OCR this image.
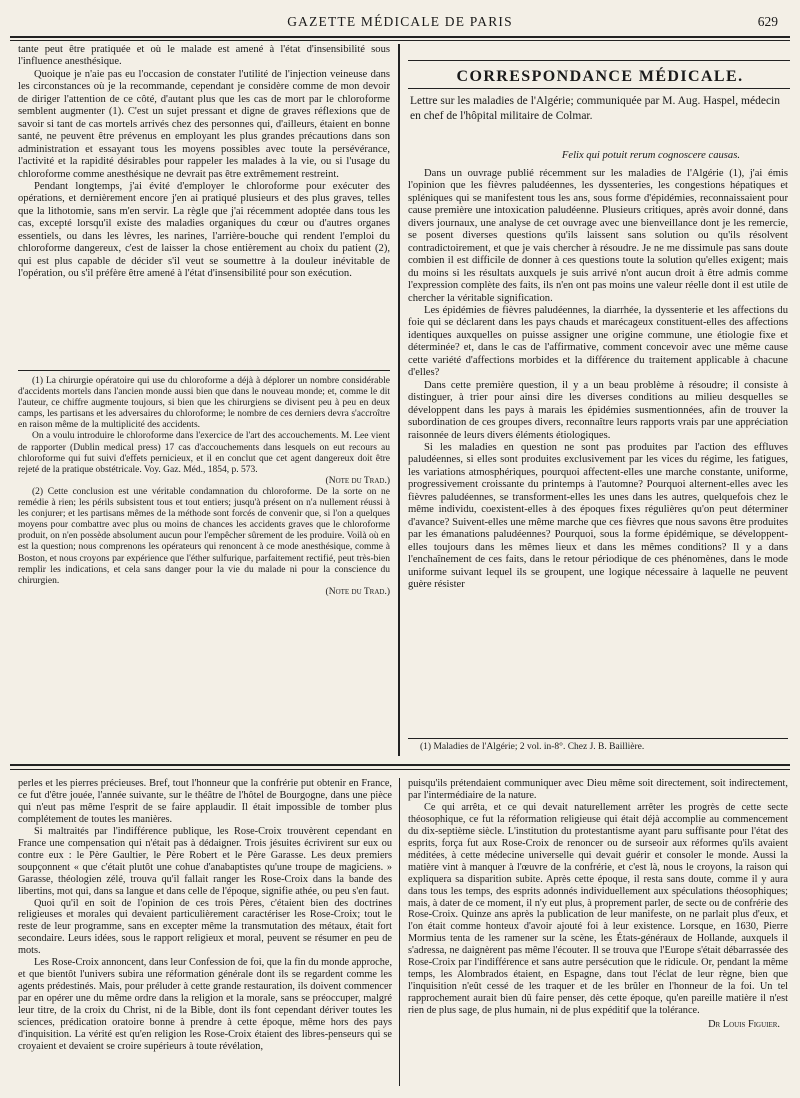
GAZETTE MÉDICALE DE PARIS	629

tante peut être pratiquée et où le malade est amené à l'état d'insensibilité sous l'influence anesthésique.

Quoique je n'aie pas eu l'occasion de constater l'utilité de l'injection veineuse dans les circonstances où je la recommande, cependant je considère comme de mon devoir de diriger l'attention de ce côté, d'autant plus que les cas de mort par le chloroforme semblent augmenter (1). C'est un sujet pressant et digne de graves réflexions que de savoir si tant de cas mortels arrivés chez des personnes qui, d'ailleurs, étaient en bonne santé, ne peuvent être prévenus en employant les plus grandes précautions dans son administration et essayant tous les moyens possibles avec toute la persévérance, l'activité et la rapidité désirables pour rappeler les malades à la vie, ou si l'usage du chloroforme comme anesthésique ne devrait pas être extrêmement restreint.

Pendant longtemps, j'ai évité d'employer le chloroforme pour exécuter des opérations, et dernièrement encore j'en ai pratiqué plusieurs et des plus graves, telles que la lithotomie, sans m'en servir. La règle que j'ai récemment adoptée dans tous les cas, excepté lorsqu'il existe des maladies organiques du cœur ou d'autres organes essentiels, ou dans les lèvres, les narines, l'arrière-bouche qui rendent l'emploi du chloroforme dangereux, c'est de laisser la chose entièrement au choix du patient (2), qui est plus capable de décider s'il veut se soumettre à la douleur inévitable de l'opération, ou s'il préfère être amené à l'état d'insensibilité pour son exécution.

(1) La chirurgie opératoire qui use du chloroforme a déjà à déplorer un nombre considérable d'accidents mortels dans l'ancien monde aussi bien que dans le nouveau monde; et, comme le dit l'auteur, ce chiffre augmente toujours, si bien que les chirurgiens se divisent peu à peu en deux camps, les partisans et les adversaires du chloroforme; le nombre de ces derniers devra s'accroître en raison même de la multiplicité des accidents.

On a voulu introduire le chloroforme dans l'exercice de l'art des accouchements. M. Lee vient de rapporter (Dublin medical press) 17 cas d'accouchements dans lesquels on eut recours au chloroforme qui fut suivi d'effets pernicieux, et il en conclut que cet agent dangereux doit être rejeté de la pratique obstétricale. Voy. Gaz. Méd., 1854, p. 573.

(Note du Trad.)

(2) Cette conclusion est une véritable condamnation du chloroforme. De la sorte on ne remédie à rien; les périls subsistent tous et tout entiers; jusqu'à présent on n'a nullement réussi à les conjurer; et les partisans mêmes de la méthode sont forcés de convenir que, si l'on a quelques moyens pour combattre avec plus ou moins de chances les accidents graves que le chloroforme produit, on n'en possède absolument aucun pour l'empêcher sûrement de les produire. Voilà où en est la question; nous comprenons les opérateurs qui renoncent à ce mode anesthésique, comme à Boston, et nous croyons par expérience que l'éther sulfurique, parfaitement rectifié, peut très-bien remplir les indications, et cela sans danger pour la vie du malade ni pour la conscience du chirurgien.

(Note du Trad.)
CORRESPONDANCE MÉDICALE.
Lettre sur les maladies de l'Algérie; communiquée par M. Aug. Haspel, médecin en chef de l'hôpital militaire de Colmar.
Felix qui potuit rerum cognoscere causas.

Dans un ouvrage publié récemment sur les maladies de l'Algérie (1), j'ai émis l'opinion que les fièvres paludéennes, les dyssenteries, les congestions hépatiques et spléniques qui se manifestent tous les ans, sous forme d'épidémies, reconnaissaient pour cause première une intoxication paludéenne. Plusieurs critiques, après avoir donné, dans divers journaux, une analyse de cet ouvrage avec une bienveillance dont je les remercie, se posent diverses questions qu'ils laissent sans solution ou qu'ils résolvent contradictoirement, et que je vais chercher à résoudre. Je ne me dissimule pas sans doute combien il est difficile de donner à ces questions toute la solution qu'elles exigent; mais du moins si les résultats auxquels je suis arrivé n'ont aucun droit à être admis comme l'expression complète des faits, ils n'en ont pas moins une valeur réelle dont il est utile de chercher la véritable signification.

Les épidémies de fièvres paludéennes, la diarrhée, la dyssenterie et les affections du foie qui se déclarent dans les pays chauds et marécageux constituent-elles des affections identiques auxquelles on puisse assigner une origine commune, une étiologie fixe et déterminée? et, dans le cas de l'affirmative, comment concevoir avec une même cause cette variété d'affections morbides et la différence du traitement applicable à chacune d'elles?

Dans cette première question, il y a un beau problème à résoudre; il consiste à distinguer, à trier pour ainsi dire les diverses conditions au milieu desquelles se développent dans les pays à marais les épidémies susmentionnées, afin de trouver la subordination de ces groupes divers, reconnaître leurs rapports vrais par une appréciation raisonnée de leurs divers éléments étiologiques.

Si les maladies en question ne sont pas produites par l'action des effluves paludéennes, si elles sont produites exclusivement par les vices du régime, les fatigues, les variations atmosphériques, pourquoi affectent-elles une marche constante, uniforme, progressivement croissante du printemps à l'automne? Pourquoi alternent-elles avec les fièvres paludéennes, se transforment-elles les unes dans les autres, quelquefois chez le même individu, coexistent-elles à des époques fixes régulières qu'on peut déterminer d'avance? Suivent-elles une même marche que ces fièvres que nous savons être produites par les émanations paludéennes? Pourquoi, sous la forme épidémique, se développent-elles toujours dans les mêmes lieux et dans les mêmes conditions? Il y a dans l'enchaînement de ces faits, dans le retour périodique de ces phénomènes, dans le mode uniforme suivant lequel ils se groupent, une logique nécessaire à laquelle ne peuvent guère résister

(1) Maladies de l'Algérie; 2 vol. in-8°. Chez J. B. Baillière.

perles et les pierres précieuses. Bref, tout l'honneur que la confrérie put obtenir en France, ce fut d'être jouée, l'année suivante, sur le théâtre de l'hôtel de Bourgogne, dans une pièce qui n'eut pas même l'esprit de se faire applaudir. Il était impossible de tomber plus complétement de toutes les manières.

Si maltraités par l'indifférence publique, les Rose-Croix trouvèrent cependant en France une compensation qui n'était pas à dédaigner. Trois jésuites écrivirent sur eux ou contre eux : le Père Gaultier, le Père Robert et le Père Garasse. Les deux premiers soupçonnent « que c'était plutôt une cohue d'anabaptistes qu'une troupe de magiciens. » Garasse, théologien zélé, trouva qu'il fallait ranger les Rose-Croix dans la bande des libertins, mot qui, dans sa langue et dans celle de l'époque, signifie athée, ou peu s'en faut.

Quoi qu'il en soit de l'opinion de ces trois Pères, c'étaient bien des doctrines religieuses et morales qui devaient particulièrement caractériser les Rose-Croix; tout le reste de leur programme, sans en excepter même la transmutation des métaux, était fort secondaire. Leurs idées, sous le rapport religieux et moral, peuvent se résumer en peu de mots.

Les Rose-Croix annoncent, dans leur Confession de foi, que la fin du monde approche, et que bientôt l'univers subira une réformation générale dont ils se regardent comme les agents prédestinés. Mais, pour préluder à cette grande restauration, ils doivent commencer par en opérer une du même ordre dans la religion et la morale, sans se préoccuper, malgré leur titre, de la croix du Christ, ni de la Bible, dont ils font cependant dériver toutes les sciences, prédication oratoire bonne à prendre à cette époque, même hors des pays d'inquisition. La vérité est qu'en religion les Rose-Croix étaient des libres-penseurs qui se croyaient et devaient se croire supérieurs à toute révélation,

puisqu'ils prétendaient communiquer avec Dieu même soit directement, soit indirectement, par l'intermédiaire de la nature.

Ce qui arrêta, et ce qui devait naturellement arrêter les progrès de cette secte théosophique, ce fut la réformation religieuse qui était déjà accomplie au commencement du dix-septième siècle. L'institution du protestantisme ayant paru suffisante pour l'état des esprits, força fut aux Rose-Croix de renoncer ou de surseoir aux réformes qu'ils avaient méditées, à cette médecine universelle qui devait guérir et consoler le monde. Aussi la matière vint à manquer à l'œuvre de la confrérie, et c'est là, nous le croyons, la raison qui expliquera sa disparition subite. Après cette époque, il resta sans doute, comme il y aura dans tous les temps, des esprits adonnés individuellement aux spéculations théosophiques; mais, à dater de ce moment, il n'y eut plus, à proprement parler, de secte ou de confrérie des Rose-Croix. Quinze ans après la publication de leur manifeste, on ne parlait plus d'eux, et l'on était comme honteux d'avoir ajouté foi à leur existence. Lorsque, en 1630, Pierre Mormius tenta de les ramener sur la scène, les États-généraux de Hollande, auxquels il s'adressa, ne daignèrent pas même l'écouter. Il se trouva que l'Europe s'était débarrassée des Rose-Croix par l'indifférence et sans autre persécution que le ridicule. Or, pendant la même temps, les Alombrados étaient, en Espagne, dans tout l'éclat de leur règne, bien que l'inquisition n'eût cessé de les traquer et de les brûler en l'honneur de la foi. Un tel rapprochement aurait bien dû faire penser, dès cette époque, qu'en pareille matière il n'est rien de plus sage, de plus humain, ni de plus expéditif que la tolérance.

Dr Louis Figuier.
